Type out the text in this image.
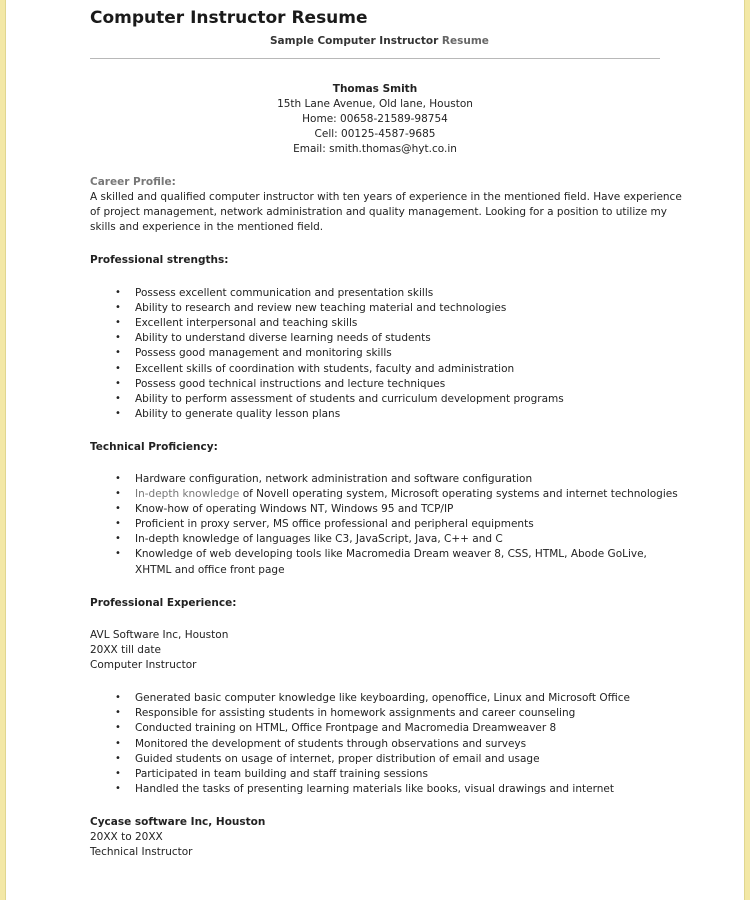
Computer Instructor Resume
Sample Computer Instructor Resume
Thomas Smith
15th Lane Avenue, Old lane, Houston
Home: 00658-21589-98754
Cell: 00125-4587-9685
Email: smith.thomas@hyt.co.in
Career Profile:
A skilled and qualified computer instructor with ten years of experience in the mentioned field. Have experience
of project management, network administration and quality management. Looking for a position to utilize my
skills and experience in the mentioned field.
Professional strengths:
• Possess excellent communication and presentation skills
• Ability to research and review new teaching material and technologies
• Excellent interpersonal and teaching skills
• Ability to understand diverse learning needs of students
• Possess good management and monitoring skills
• Excellent skills of coordination with students, faculty and administration
• Possess good technical instructions and lecture techniques
• Ability to perform assessment of students and curriculum development programs
• Ability to generate quality lesson plans
Technical Proficiency:
• In-depth knowledge of Novell operating system, Microsoft operating systems and internet technologies
• Hardware configuration, network administration and software configuration
• Know-how of operating Windows NT, Windows 95 and TCP/IP
• Proficient in proxy server, MS office professional and peripheral equipments
• In-depth knowledge of languages like C3, JavaScript, Java, C++ and C
• Knowledge of web developing tools like Macromedia Dream weaver 8, CSS, HTML, Abode GoLive,
XHTML and office front page
Professional Experience:
AVL Software Inc, Houston
20XX till date
Computer Instructor
• Generated basic computer knowledge like keyboarding, openoffice, Linux and Microsoft Office
• Responsible for assisting students in homework assignments and career counseling
• Conducted training on HTML, Office Frontpage and Macromedia Dreamweaver 8
• Monitored the development of students through observations and surveys
• Guided students on usage of internet, proper distribution of email and usage
• Participated in team building and staff training sessions
• Handled the tasks of presenting learning materials like books, visual drawings and internet
Cycase software Inc, Houston
20XX to 20XX
Technical Instructor
